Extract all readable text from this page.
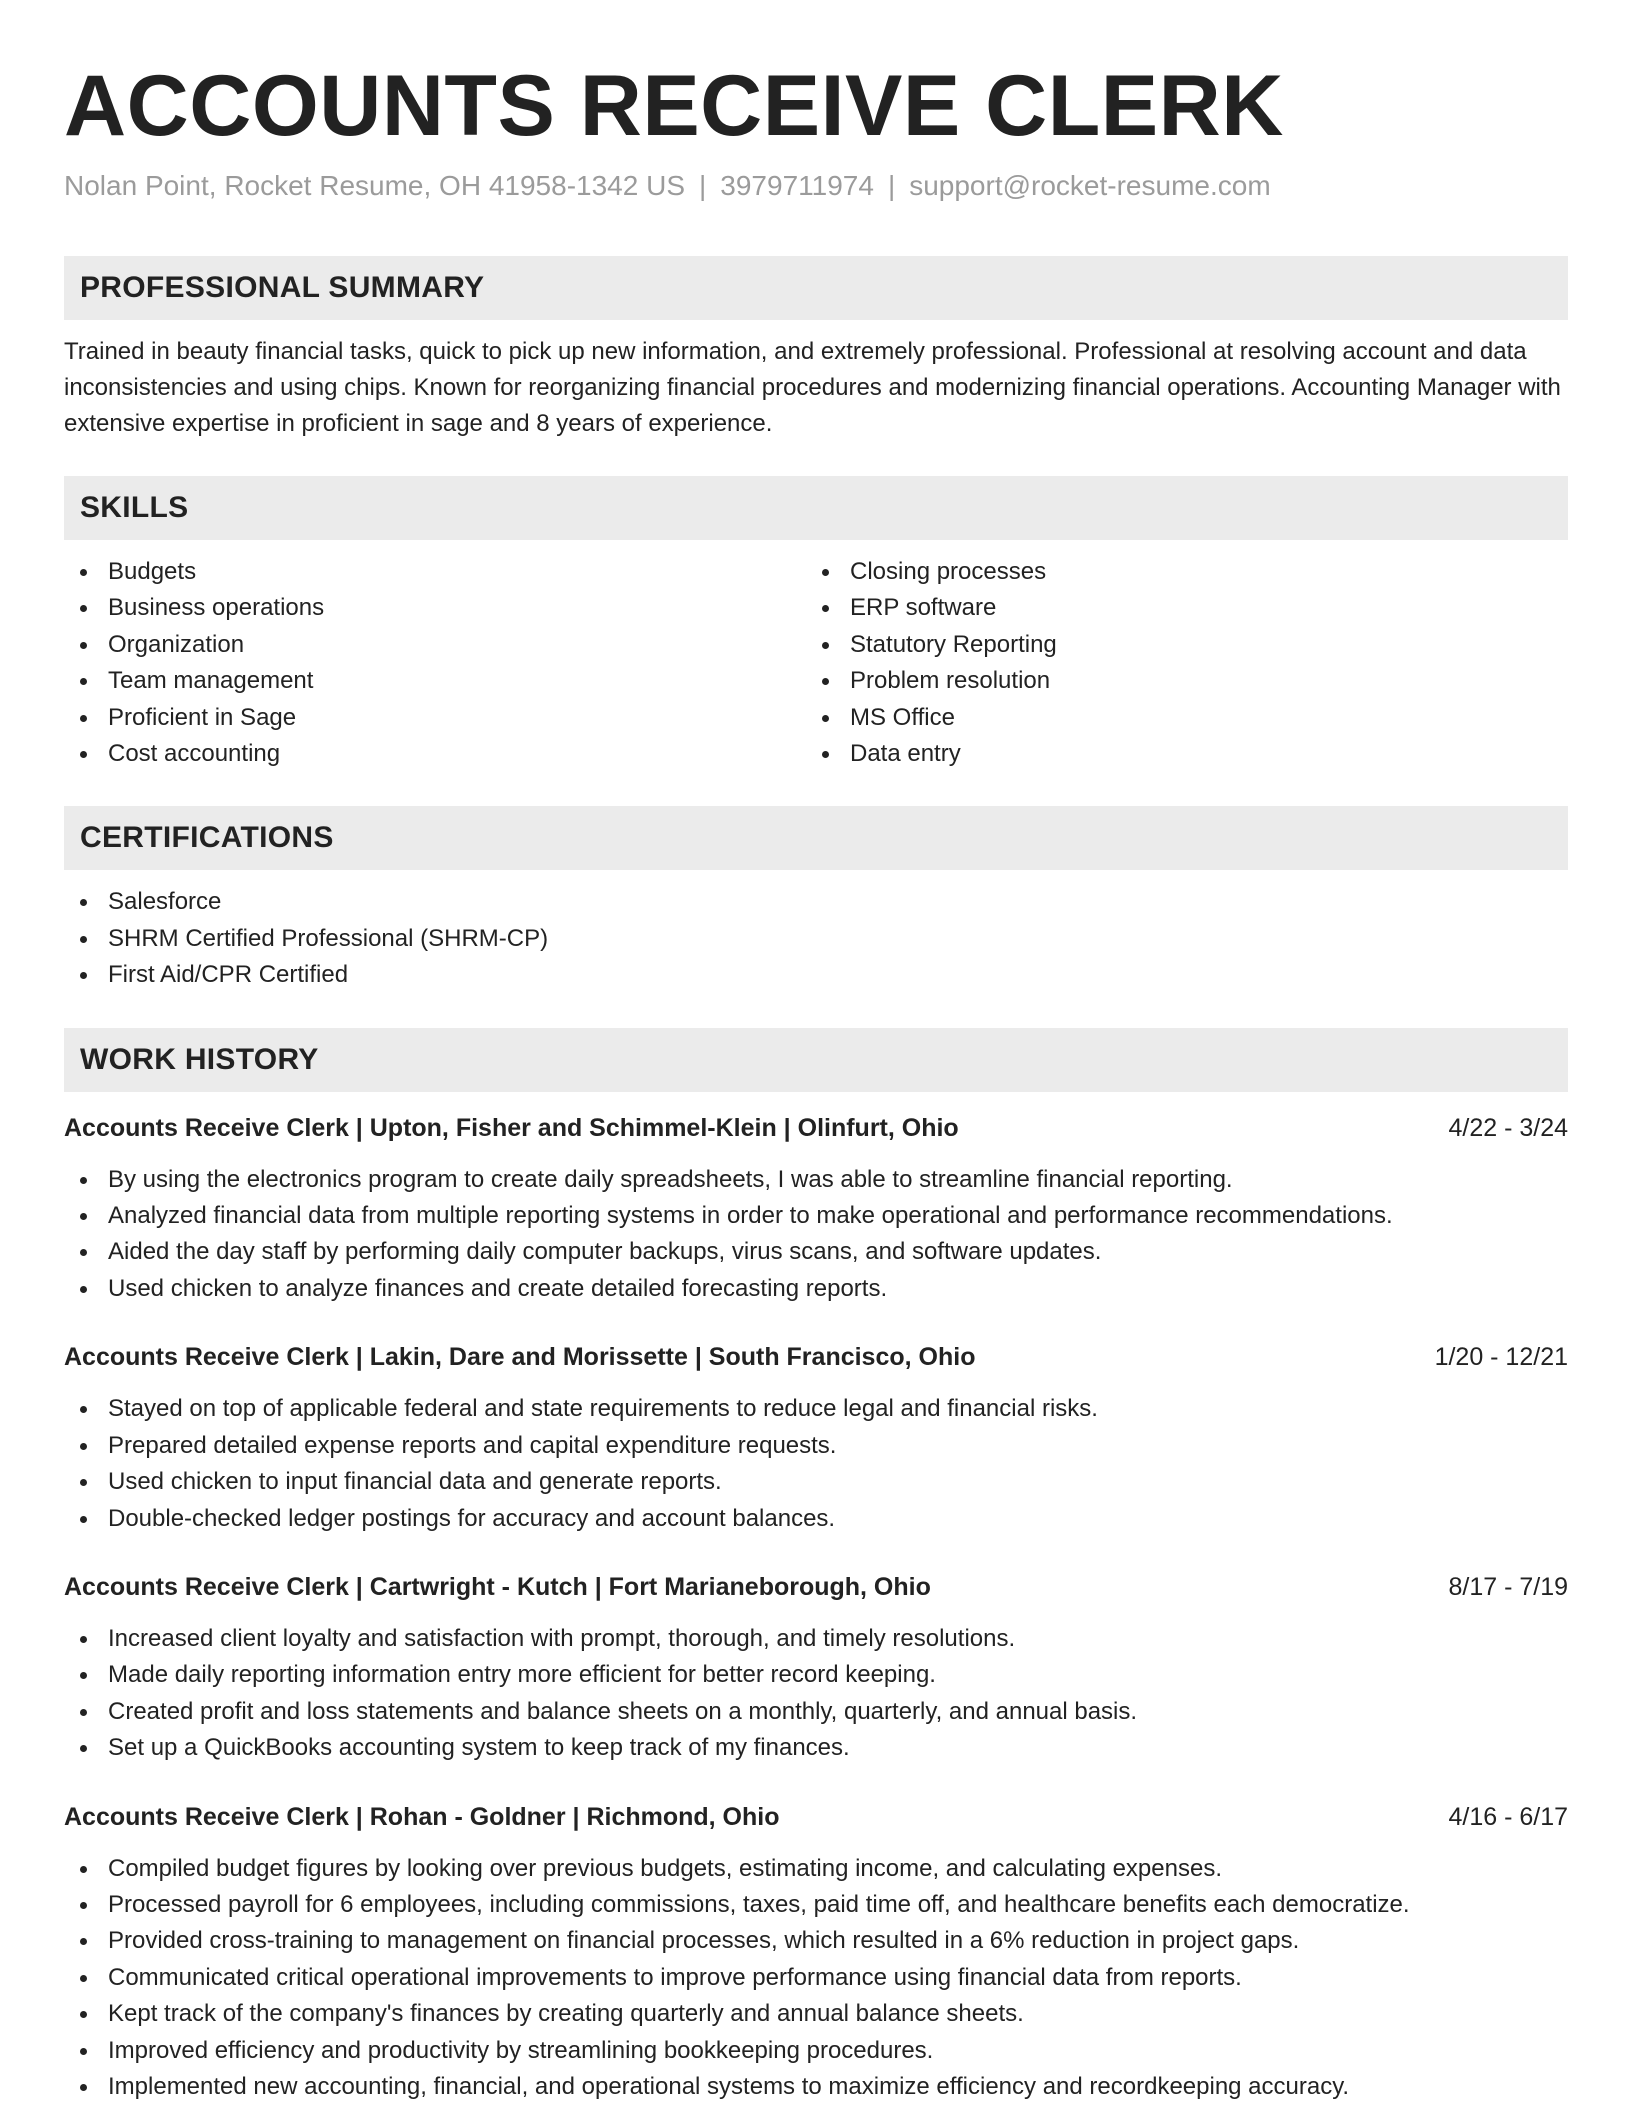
ACCOUNTS RECEIVE CLERK
Nolan Point, Rocket Resume, OH 41958-1342 US | 3979711974 | support@rocket-resume.com
PROFESSIONAL SUMMARY

Trained in beauty financial tasks, quick to pick up new information, and extremely professional. Professional at resolving account and data inconsistencies and using chips. Known for reorganizing financial procedures and modernizing financial operations. Accounting Manager with extensive expertise in proficient in sage and 8 years of experience.

SKILLS
Budgets
Business operations
Organization
Team management
Proficient in Sage
Cost accounting
Closing processes
ERP software
Statutory Reporting
Problem resolution
MS Office
Data entry
CERTIFICATIONS
Salesforce
SHRM Certified Professional (SHRM-CP)
First Aid/CPR Certified
WORK HISTORY
Accounts Receive Clerk | Upton, Fisher and Schimmel-Klein | Olinfurt, Ohio	4/22 - 3/24
By using the electronics program to create daily spreadsheets, I was able to streamline financial reporting.
Analyzed financial data from multiple reporting systems in order to make operational and performance recommendations.
Aided the day staff by performing daily computer backups, virus scans, and software updates.
Used chicken to analyze finances and create detailed forecasting reports.
Accounts Receive Clerk | Lakin, Dare and Morissette | South Francisco, Ohio	1/20 - 12/21
Stayed on top of applicable federal and state requirements to reduce legal and financial risks.
Prepared detailed expense reports and capital expenditure requests.
Used chicken to input financial data and generate reports.
Double-checked ledger postings for accuracy and account balances.
Accounts Receive Clerk | Cartwright - Kutch | Fort Marianeborough, Ohio	8/17 - 7/19
Increased client loyalty and satisfaction with prompt, thorough, and timely resolutions.
Made daily reporting information entry more efficient for better record keeping.
Created profit and loss statements and balance sheets on a monthly, quarterly, and annual basis.
Set up a QuickBooks accounting system to keep track of my finances.
Accounts Receive Clerk | Rohan - Goldner | Richmond, Ohio	4/16 - 6/17
Compiled budget figures by looking over previous budgets, estimating income, and calculating expenses.
Processed payroll for 6 employees, including commissions, taxes, paid time off, and healthcare benefits each democratize.
Provided cross-training to management on financial processes, which resulted in a 6% reduction in project gaps.
Communicated critical operational improvements to improve performance using financial data from reports.
Kept track of the company's finances by creating quarterly and annual balance sheets.
Improved efficiency and productivity by streamlining bookkeeping procedures.
Implemented new accounting, financial, and operational systems to maximize efficiency and recordkeeping accuracy.
